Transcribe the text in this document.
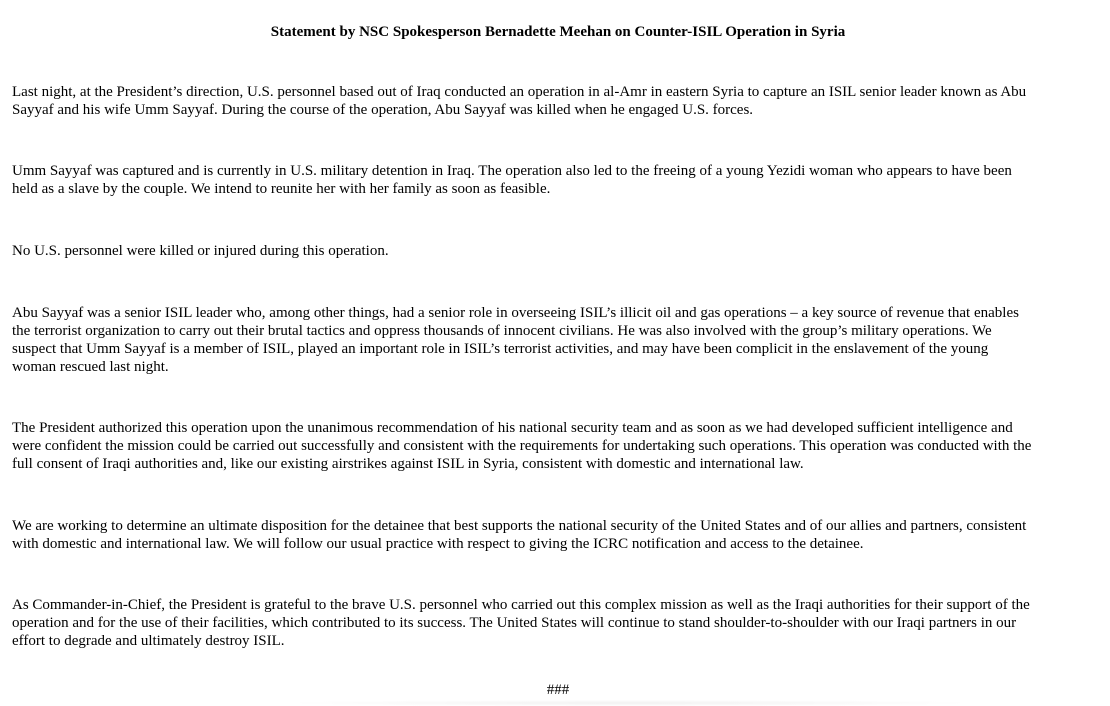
Statement by NSC Spokesperson Bernadette Meehan on Counter-ISIL Operation in Syria
Last night, at the President’s direction, U.S. personnel based out of Iraq conducted an operation in al-Amr in eastern Syria to capture an ISIL senior leader known as Abu
Sayyaf and his wife Umm Sayyaf. During the course of the operation, Abu Sayyaf was killed when he engaged U.S. forces.
Umm Sayyaf was captured and is currently in U.S. military detention in Iraq. The operation also led to the freeing of a young Yezidi woman who appears to have been
held as a slave by the couple. We intend to reunite her with her family as soon as feasible.
No U.S. personnel were killed or injured during this operation.
Abu Sayyaf was a senior ISIL leader who, among other things, had a senior role in overseeing ISIL’s illicit oil and gas operations – a key source of revenue that enables
the terrorist organization to carry out their brutal tactics and oppress thousands of innocent civilians. He was also involved with the group’s military operations. We
suspect that Umm Sayyaf is a member of ISIL, played an important role in ISIL’s terrorist activities, and may have been complicit in the enslavement of the young
woman rescued last night.
The President authorized this operation upon the unanimous recommendation of his national security team and as soon as we had developed sufficient intelligence and
were confident the mission could be carried out successfully and consistent with the requirements for undertaking such operations. This operation was conducted with the
full consent of Iraqi authorities and, like our existing airstrikes against ISIL in Syria, consistent with domestic and international law.
We are working to determine an ultimate disposition for the detainee that best supports the national security of the United States and of our allies and partners, consistent
with domestic and international law. We will follow our usual practice with respect to giving the ICRC notification and access to the detainee.
As Commander-in-Chief, the President is grateful to the brave U.S. personnel who carried out this complex mission as well as the Iraqi authorities for their support of the
operation and for the use of their facilities, which contributed to its success. The United States will continue to stand shoulder-to-shoulder with our Iraqi partners in our
effort to degrade and ultimately destroy ISIL.
###
